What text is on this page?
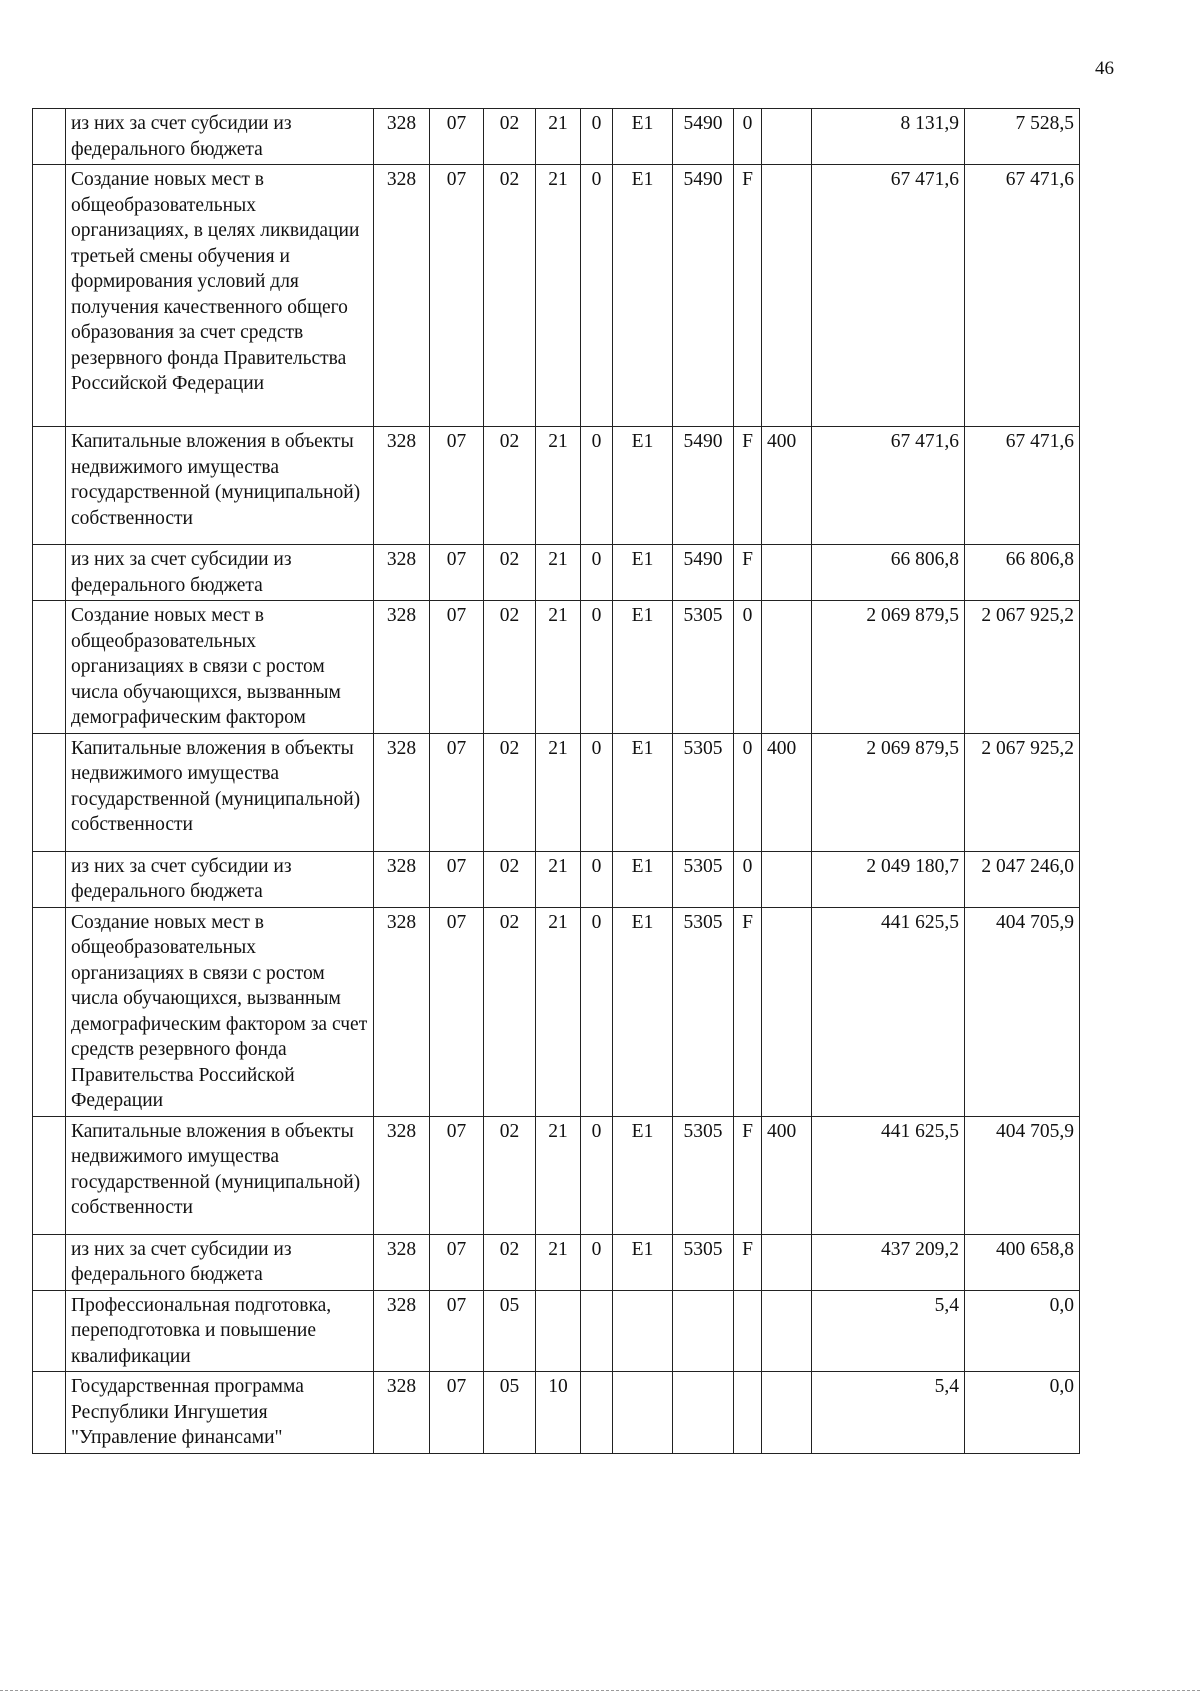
46
	из них за счет субсидии из федерального бюджета	328	07	02	21	0	E1	5490	0		8 131,9	7 528,5
	Создание новых мест в общеобразовательных организациях, в целях ликвидации третьей смены обучения и формирования условий для получения качественного общего образования за счет средств резервного фонда Правительства Российской Федерации	328	07	02	21	0	E1	5490	F		67 471,6	67 471,6
	Капитальные вложения в объекты недвижимого имущества государственной (муниципальной) собственности	328	07	02	21	0	E1	5490	F	400	67 471,6	67 471,6
	из них за счет субсидии из федерального бюджета	328	07	02	21	0	E1	5490	F		66 806,8	66 806,8
	Создание новых мест в общеобразовательных организациях в связи с ростом числа обучающихся, вызванным демографическим фактором	328	07	02	21	0	E1	5305	0		2 069 879,5	2 067 925,2
	Капитальные вложения в объекты недвижимого имущества государственной (муниципальной) собственности	328	07	02	21	0	E1	5305	0	400	2 069 879,5	2 067 925,2
	из них за счет субсидии из федерального бюджета	328	07	02	21	0	E1	5305	0		2 049 180,7	2 047 246,0
	Создание новых мест в общеобразовательных организациях в связи с ростом числа обучающихся, вызванным демографическим фактором за счет средств резервного фонда Правительства Российской Федерации	328	07	02	21	0	E1	5305	F		441 625,5	404 705,9
	Капитальные вложения в объекты недвижимого имущества государственной (муниципальной) собственности	328	07	02	21	0	E1	5305	F	400	441 625,5	404 705,9
	из них за счет субсидии из федерального бюджета	328	07	02	21	0	E1	5305	F		437 209,2	400 658,8
	Профессиональная подготовка, переподготовка и повышение квалификации	328	07	05							5,4	0,0
	Государственная программа Республики Ингушетия "Управление финансами"	328	07	05	10						5,4	0,0
